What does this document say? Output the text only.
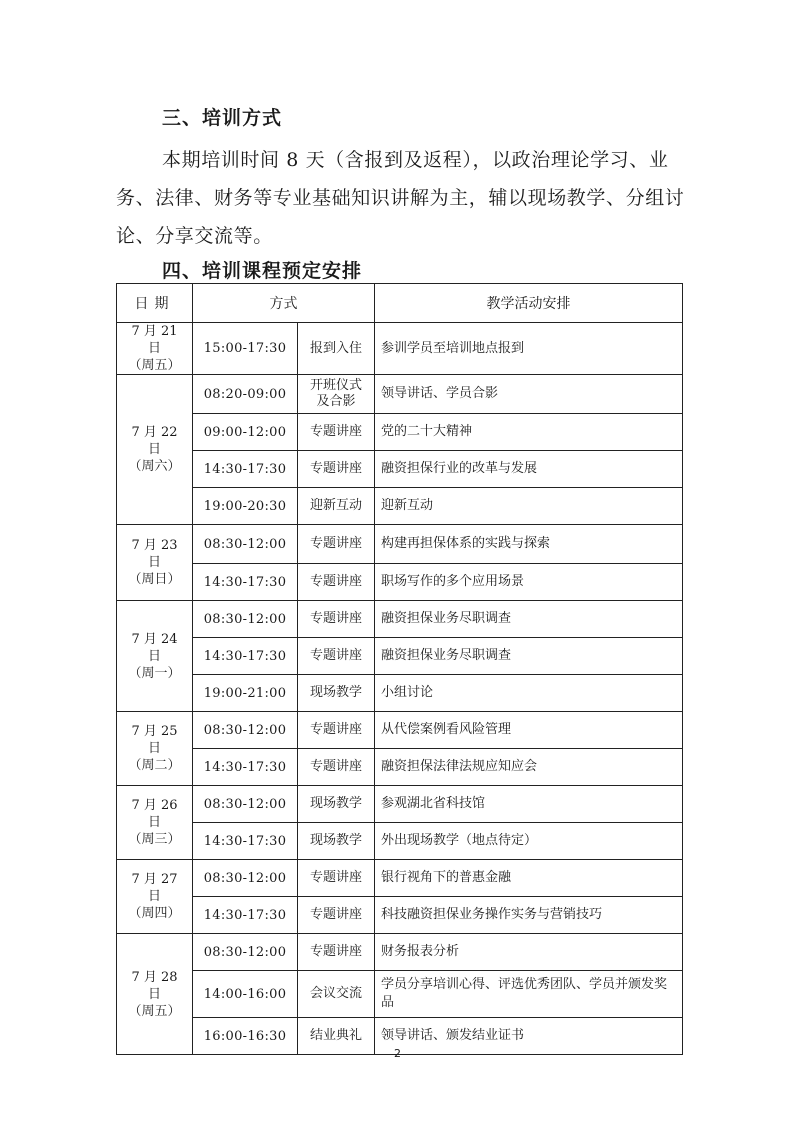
三、培训方式
本期培训时间 8 天（含报到及返程），以政治理论学习、业务、法律、财务等专业基础知识讲解为主，辅以现场教学、分组讨论、分享交流等。
四、培训课程预定安排
日期	方式		教学活动安排

7 月 21 日
（周五）	15:00-17:30	报到入住	参训学员至培训地点报到

7 月 22 日
（周六）	08:20-09:00	开班仪式及合影	领导讲话、学员合影
	09:00-12:00	专题讲座	党的二十大精神
	14:30-17:30	专题讲座	融资担保行业的改革与发展
	19:00-20:30	迎新互动	迎新互动

7 月 23 日
（周日）	08:30-12:00	专题讲座	构建再担保体系的实践与探索
	14:30-17:30	专题讲座	职场写作的多个应用场景

7 月 24 日
（周一）	08:30-12:00	专题讲座	融资担保业务尽职调查
	14:30-17:30	专题讲座	融资担保业务尽职调查
	19:00-21:00	现场教学	小组讨论

7 月 25 日
（周二）	08:30-12:00	专题讲座	从代偿案例看风险管理
	14:30-17:30	专题讲座	融资担保法律法规应知应会

7 月 26 日
（周三）	08:30-12:00	现场教学	参观湖北省科技馆
	14:30-17:30	现场教学	外出现场教学（地点待定）

7 月 27 日
（周四）	08:30-12:00	专题讲座	银行视角下的普惠金融
	14:30-17:30	专题讲座	科技融资担保业务操作实务与营销技巧

7 月 28 日
（周五）	08:30-12:00	专题讲座	财务报表分析
	14:00-16:00	会议交流	学员分享培训心得、评选优秀团队、学员并颁发奖品
	16:00-16:30	结业典礼	领导讲话、颁发结业证书
2
